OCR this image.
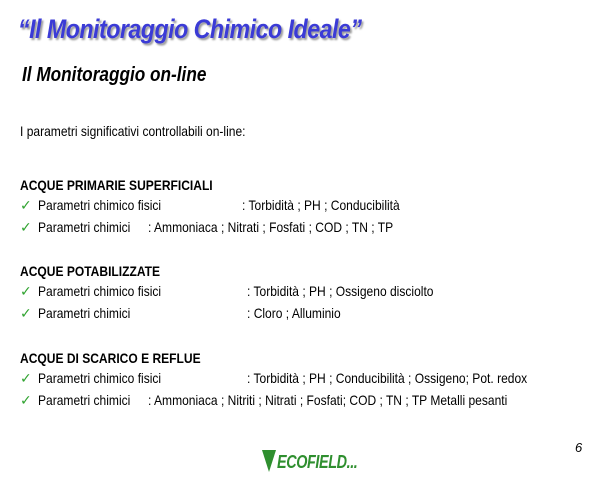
“Il Monitoraggio Chimico Ideale”
Il Monitoraggio on-line
I parametri significativi controllabili on-line:
ACQUE PRIMARIE SUPERFICIALI
✓ Parametri chimico fisici	: Torbidità ; PH ; Conducibilità
✓ Parametri chimici : Ammoniaca ; Nitrati ; Fosfati ; COD ; TN ; TP
ACQUE POTABILIZZATE
✓ Parametri chimico fisici	: Torbidità ; PH ; Ossigeno disciolto
✓ Parametri chimici	: Cloro ; Alluminio
ACQUE DI SCARICO E REFLUE
✓ Parametri chimico fisici	: Torbidità ; PH ; Conducibilità ; Ossigeno; Pot. redox
✓ Parametri chimici : Ammoniaca ; Nitriti ; Nitrati ; Fosfati; COD ; TN ; TP Metalli pesanti
ECOFIELD...
6
